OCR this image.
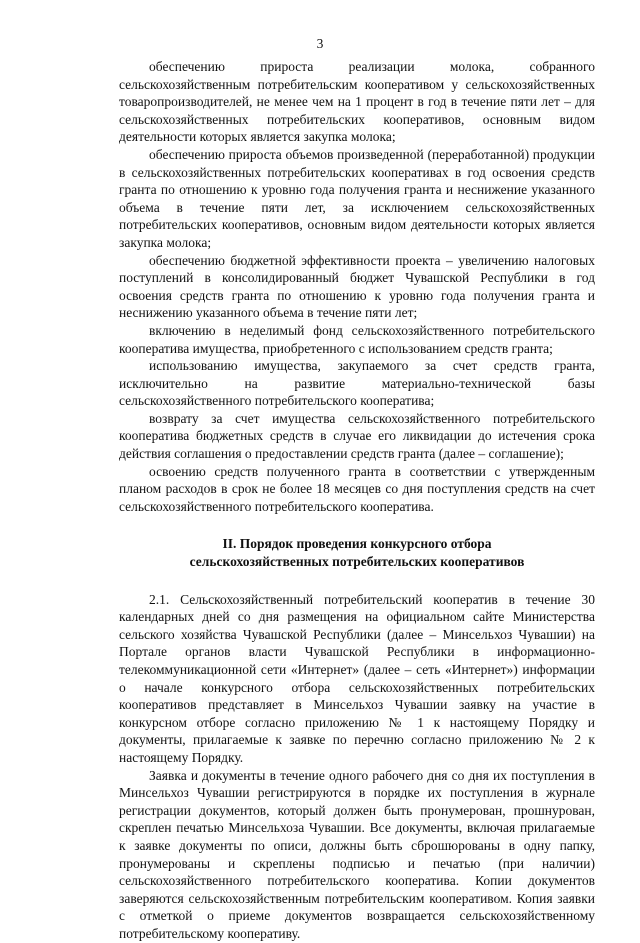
3

обеспечению прироста реализации молока, собранного сельскохозяйственным потребительским кооперативом у сельскохозяйственных товаропроизводителей, не менее чем на 1 процент в год в течение пяти лет – для сельскохозяйственных потребительских кооперативов, основным видом деятельности которых является закупка молока;

обеспечению прироста объемов произведенной (переработанной) продукции в сельскохозяйственных потребительских кооперативах в год освоения средств гранта по отношению к уровню года получения гранта и неснижение указанного объема в течение пяти лет, за исключением сельскохозяйственных потребительских кооперативов, основным видом деятельности которых является закупка молока;

обеспечению бюджетной эффективности проекта – увеличению налоговых поступлений в консолидированный бюджет Чувашской Республики в год освоения средств гранта по отношению к уровню года получения гранта и неснижению указанного объема в течение пяти лет;

включению в неделимый фонд сельскохозяйственного потребительского кооператива имущества, приобретенного с использованием средств гранта;

использованию имущества, закупаемого за счет средств гранта, исключительно на развитие материально-технической базы сельскохозяйственного потребительского кооператива;

возврату за счет имущества сельскохозяйственного потребительского кооператива бюджетных средств в случае его ликвидации до истечения срока действия соглашения о предоставлении средств гранта (далее – соглашение);

освоению средств полученного гранта в соответствии с утвержденным планом расходов в срок не более 18 месяцев со дня поступления средств на счет сельскохозяйственного потребительского кооператива.

II. Порядок проведения конкурсного отбора
сельскохозяйственных потребительских кооперативов

2.1. Сельскохозяйственный потребительский кооператив в течение 30 календарных дней со дня размещения на официальном сайте Министерства сельского хозяйства Чувашской Республики (далее – Минсельхоз Чувашии) на Портале органов власти Чувашской Республики в информационно-телекоммуникационной сети «Интернет» (далее – сеть «Интернет») информации о начале конкурсного отбора сельскохозяйственных потребительских кооперативов представляет в Минсельхоз Чувашии заявку на участие в конкурсном отборе согласно приложению № 1 к настоящему Порядку и документы, прилагаемые к заявке по перечню согласно приложению № 2 к настоящему Порядку.

Заявка и документы в течение одного рабочего дня со дня их поступления в Минсельхоз Чувашии регистрируются в порядке их поступления в журнале регистрации документов, который должен быть пронумерован, прошнурован, скреплен печатью Минсельхоза Чувашии. Все документы, включая прилагаемые к заявке документы по описи, должны быть сброшюрованы в одну папку, пронумерованы и скреплены подписью и печатью (при наличии) сельскохозяйственного потребительского кооператива. Копии документов заверяются сельскохозяйственным потребительским кооперативом. Копия заявки с отметкой о приеме документов возвращается сельскохозяйственному потребительскому кооперативу.
